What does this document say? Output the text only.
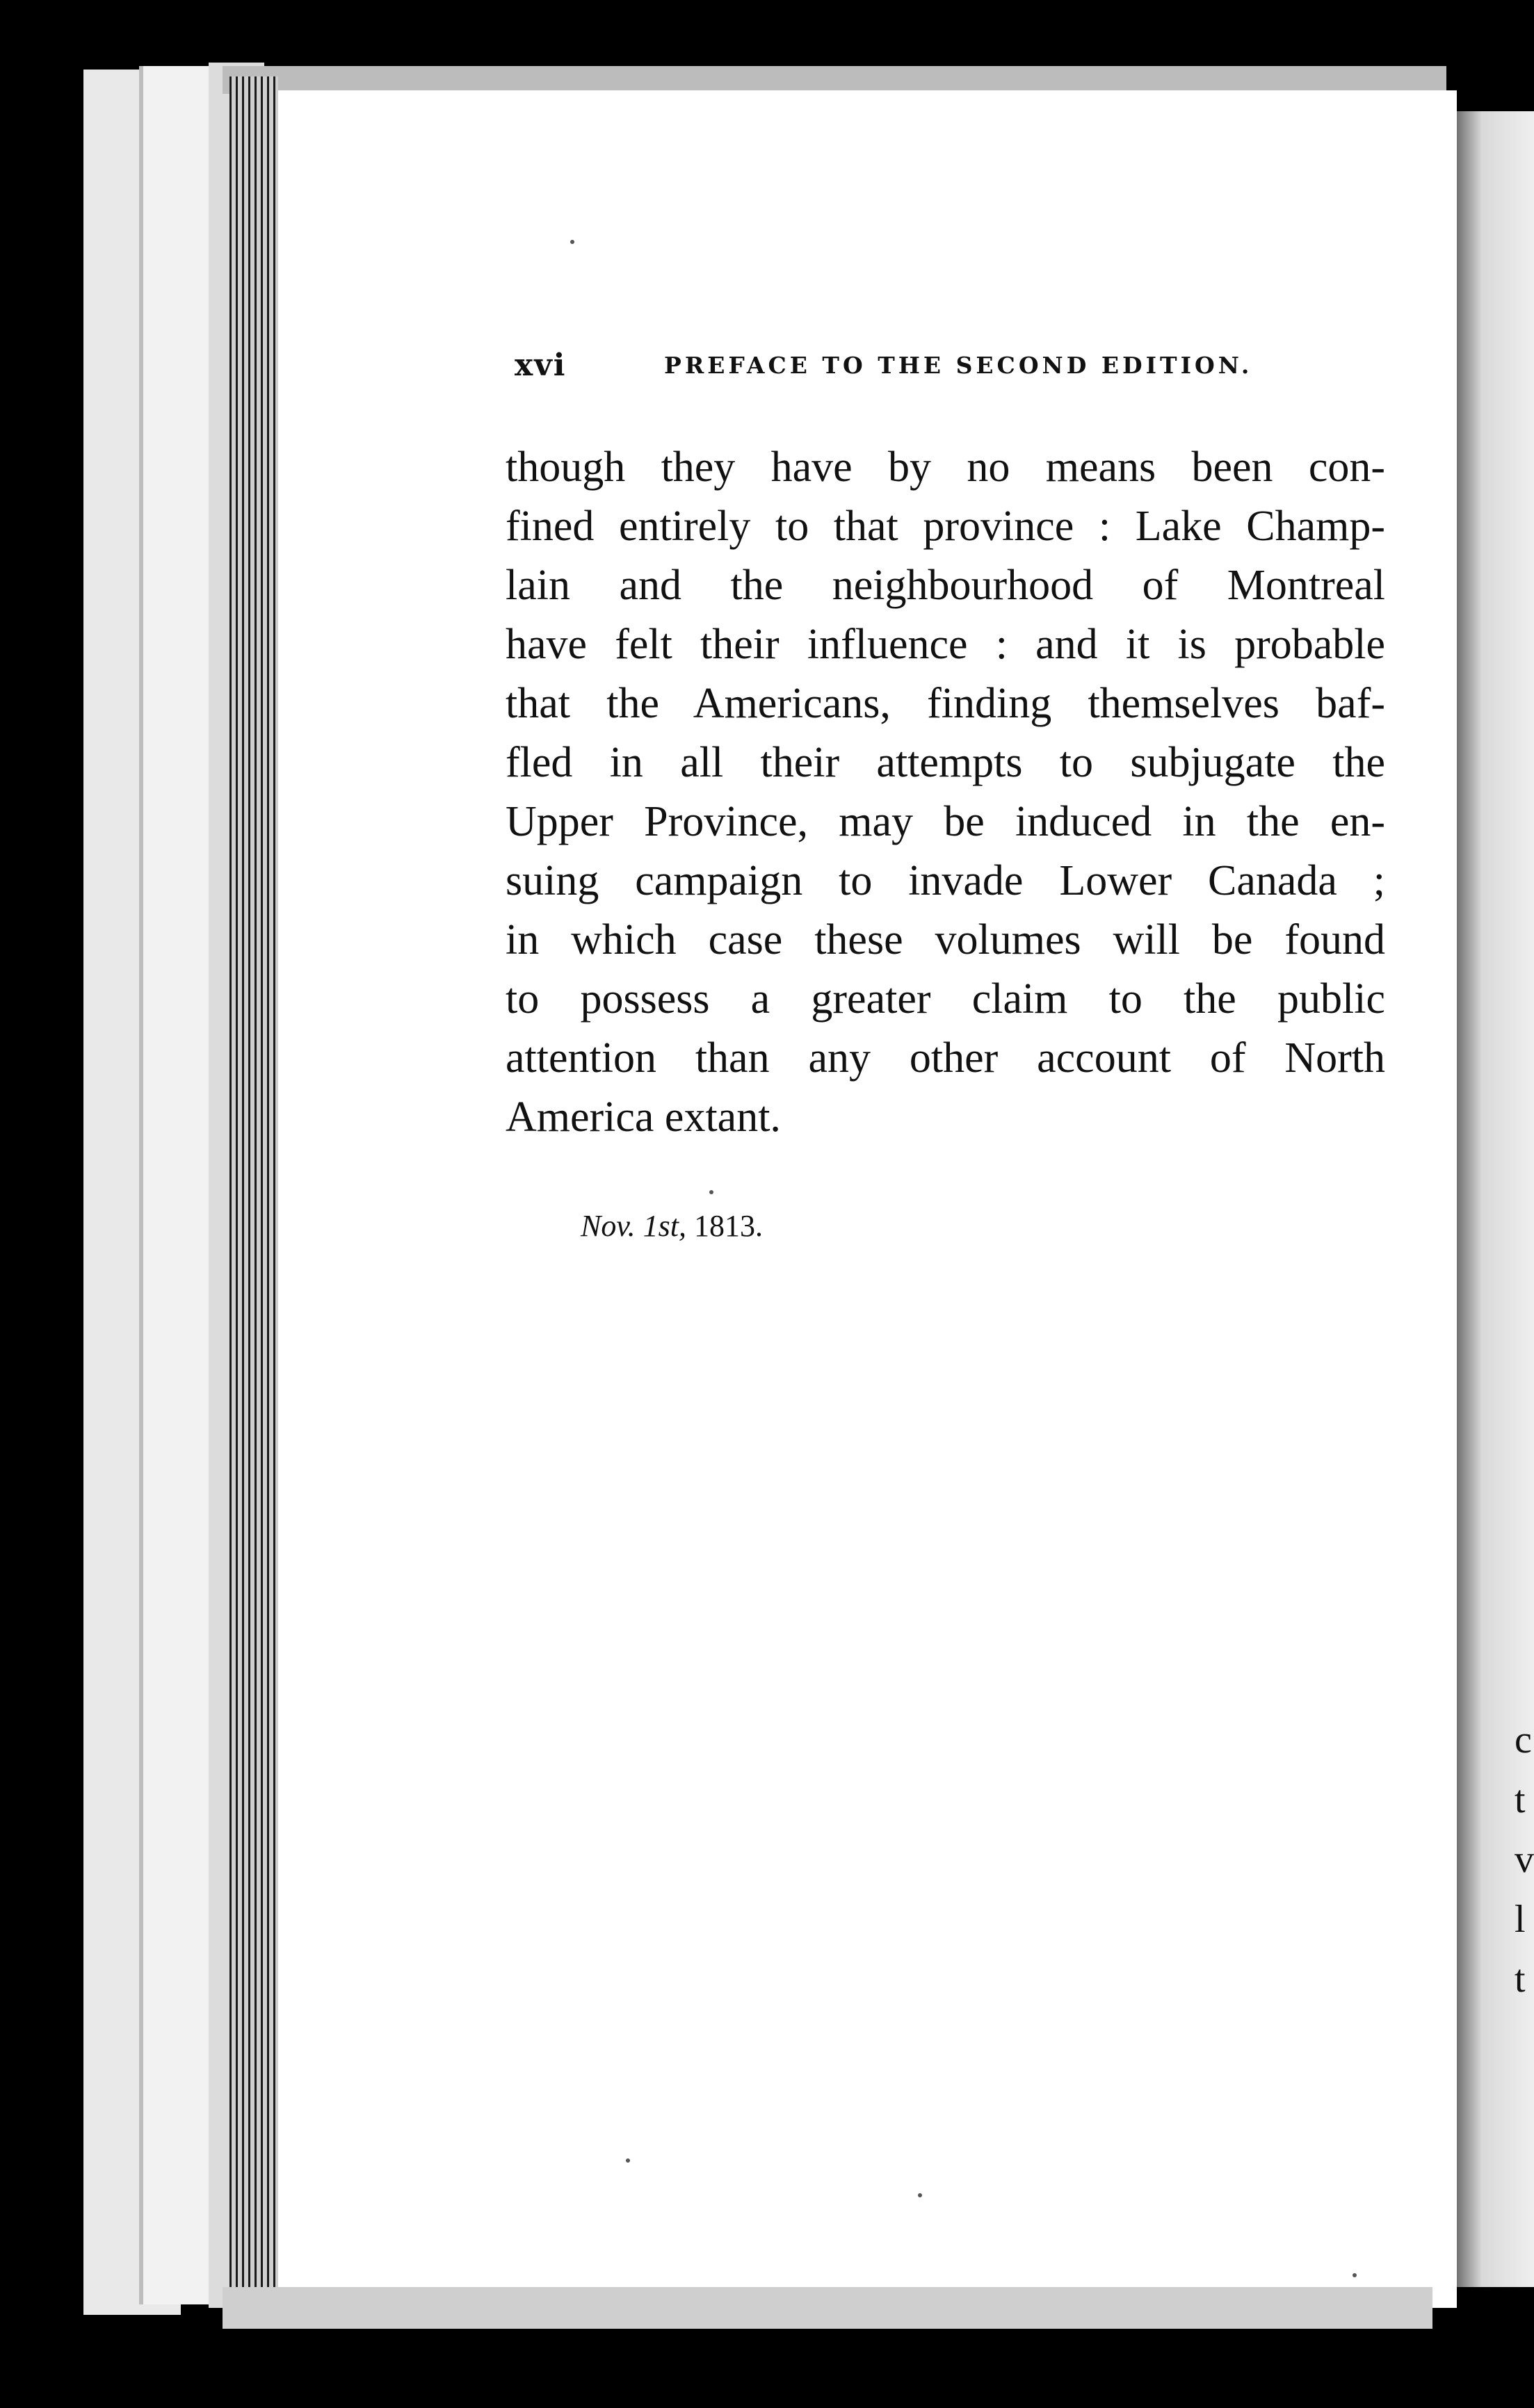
xvi	PREFACE TO THE SECOND EDITION.
though they have by no means been con-
fined entirely to that province : Lake Champ-
lain and the neighbourhood of Montreal
have felt their influence : and it is probable
that the Americans, finding themselves baf-
fled in all their attempts to subjugate the
Upper Province, may be induced in the en-
suing campaign to invade Lower Canada ;
in which case these volumes will be found
to possess a greater claim to the public
attention than any other account of North
America extant.
Nov. 1st, 1813.
c
t
v
l
t
